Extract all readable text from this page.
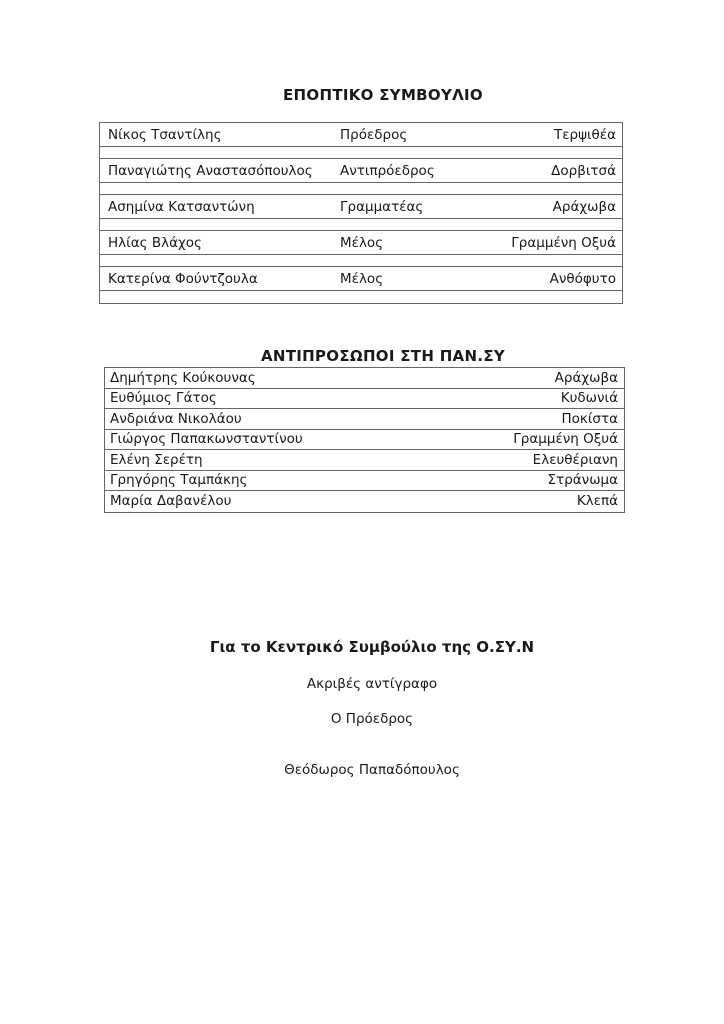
ΕΠΟΠΤΙΚΟ ΣΥΜΒΟΥΛΙΟ
Νίκος Τσαντίλης	Πρόεδρος	Τερψιθέα
Παναγιώτης Αναστασόπουλος	Αντιπρόεδρος	Δορβιτσά
Ασημίνα Κατσαντώνη	Γραμματέας	Αράχωβα
Ηλίας Βλάχος	Μέλος	Γραμμένη Οξυά
Κατερίνα Φούντζουλα	Μέλος	Ανθόφυτο
ΑΝΤΙΠΡΟΣΩΠΟΙ ΣΤΗ ΠΑΝ.ΣΥ
Δημήτρης Κούκουνας	Αράχωβα
Ευθύμιος Γάτος	Κυδωνιά
Ανδριάνα Νικολάου	Ποκίστα
Γιώργος Παπακωνσταντίνου	Γραμμένη Οξυά
Ελένη Σερέτη	Ελευθέριανη
Γρηγόρης Ταμπάκης	Στράνωμα
Μαρία Δαβανέλου	Κλεπά
Για το Κεντρικό Συμβούλιο της Ο.ΣΥ.Ν
Ακριβές αντίγραφο
Ο Πρόεδρος
Θεόδωρος Παπαδόπουλος
